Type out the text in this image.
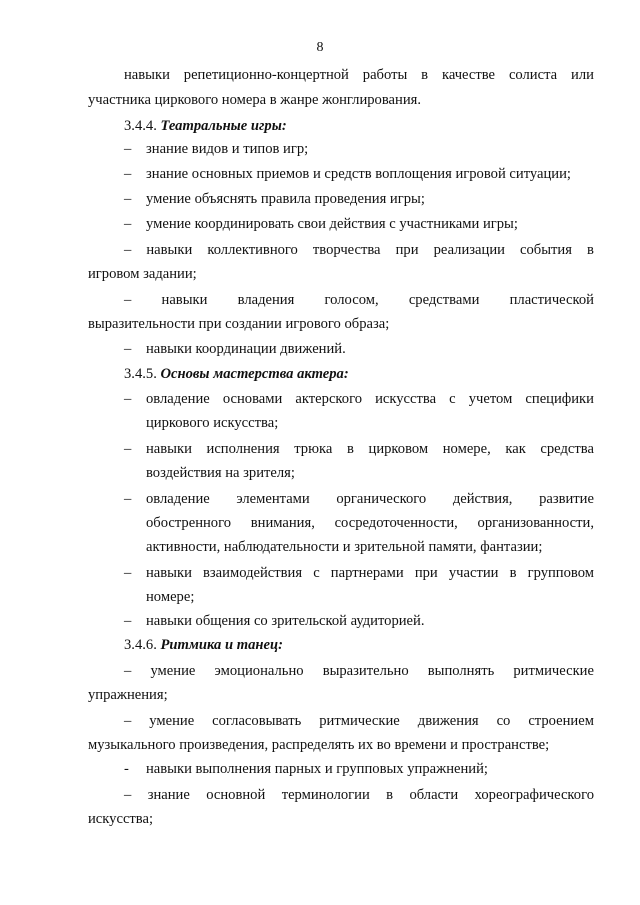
8
навыки репетиционно-концертной работы в качестве солиста или
участника циркового номера в жанре жонглирования.
3.4.4. Театральные игры:
–	знание видов и типов игр;
–	знание основных приемов и средств воплощения игровой ситуации;
–	умение объяснять правила проведения игры;
–	умение координировать свои действия с участниками игры;
– навыки коллективного творчества при реализации события в
игровом задании;
– навыки владения голосом, средствами пластической
выразительности при создании игрового образа;
–	навыки координации движений.
3.4.5. Основы мастерства актера:
–	овладение основами актерского искусства с учетом специфики
циркового искусства;
–	навыки исполнения трюка в цирковом номере, как средства
воздействия на зрителя;
–	овладение элементами органического действия, развитие
обостренного внимания, сосредоточенности, организованности,
активности, наблюдательности и зрительной памяти, фантазии;
–	навыки взаимодействия с партнерами при участии в групповом
номере;
–	навыки общения со зрительской аудиторией.
3.4.6. Ритмика и танец:
– умение эмоционально выразительно выполнять ритмические
упражнения;
– умение согласовывать ритмические движения со строением
музыкального произведения, распределять их во времени и пространстве;
-	навыки выполнения парных и групповых упражнений;
– знание основной терминологии в области хореографического
искусства;
